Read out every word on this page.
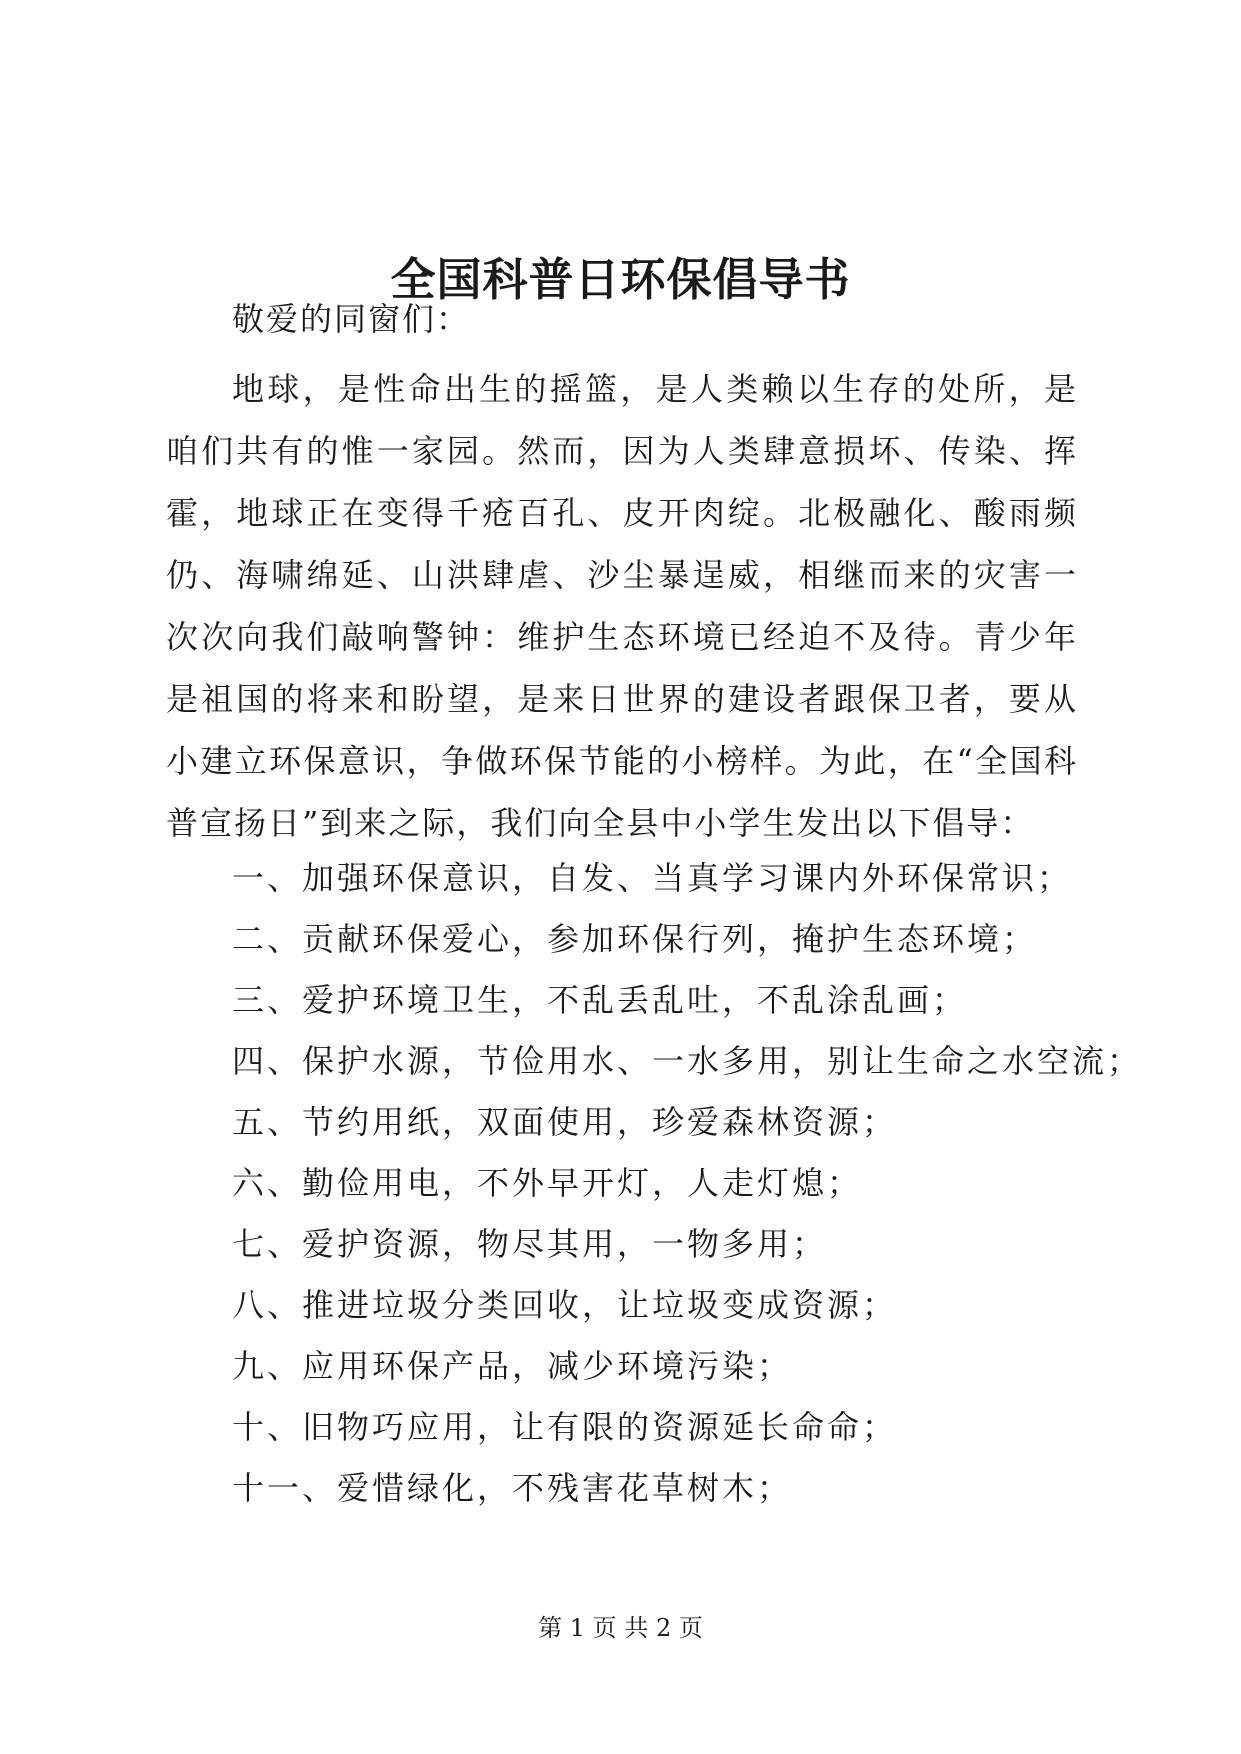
全国科普日环保倡导书
敬爱的同窗们：

地球，是性命出生的摇篮，是人类赖以生存的处所，是咱们共有的惟一家园。然而，因为人类肆意损坏、传染、挥霍，地球正在变得千疮百孔、皮开肉绽。北极融化、酸雨频仍、海啸绵延、山洪肆虐、沙尘暴逞威，相继而来的灾害一次次向我们敲响警钟：维护生态环境已经迫不及待。青少年是祖国的将来和盼望，是来日世界的建设者跟保卫者，要从小建立环保意识，争做环保节能的小榜样。为此，在“全国科普宣扬日”到来之际，我们向全县中小学生发出以下倡导：

一、加强环保意识，自发、当真学习课内外环保常识；
二、贡献环保爱心，参加环保行列，掩护生态环境；
三、爱护环境卫生，不乱丢乱吐，不乱涂乱画；
四、保护水源，节俭用水、一水多用，别让生命之水空流；
五、节约用纸，双面使用，珍爱森林资源；
六、勤俭用电，不外早开灯，人走灯熄；
七、爱护资源，物尽其用，一物多用；
八、推进垃圾分类回收，让垃圾变成资源；
九、应用环保产品，减少环境污染；
十、旧物巧应用，让有限的资源延长命命；
十一、爱惜绿化，不残害花草树木；
第 1 页 共 2 页
